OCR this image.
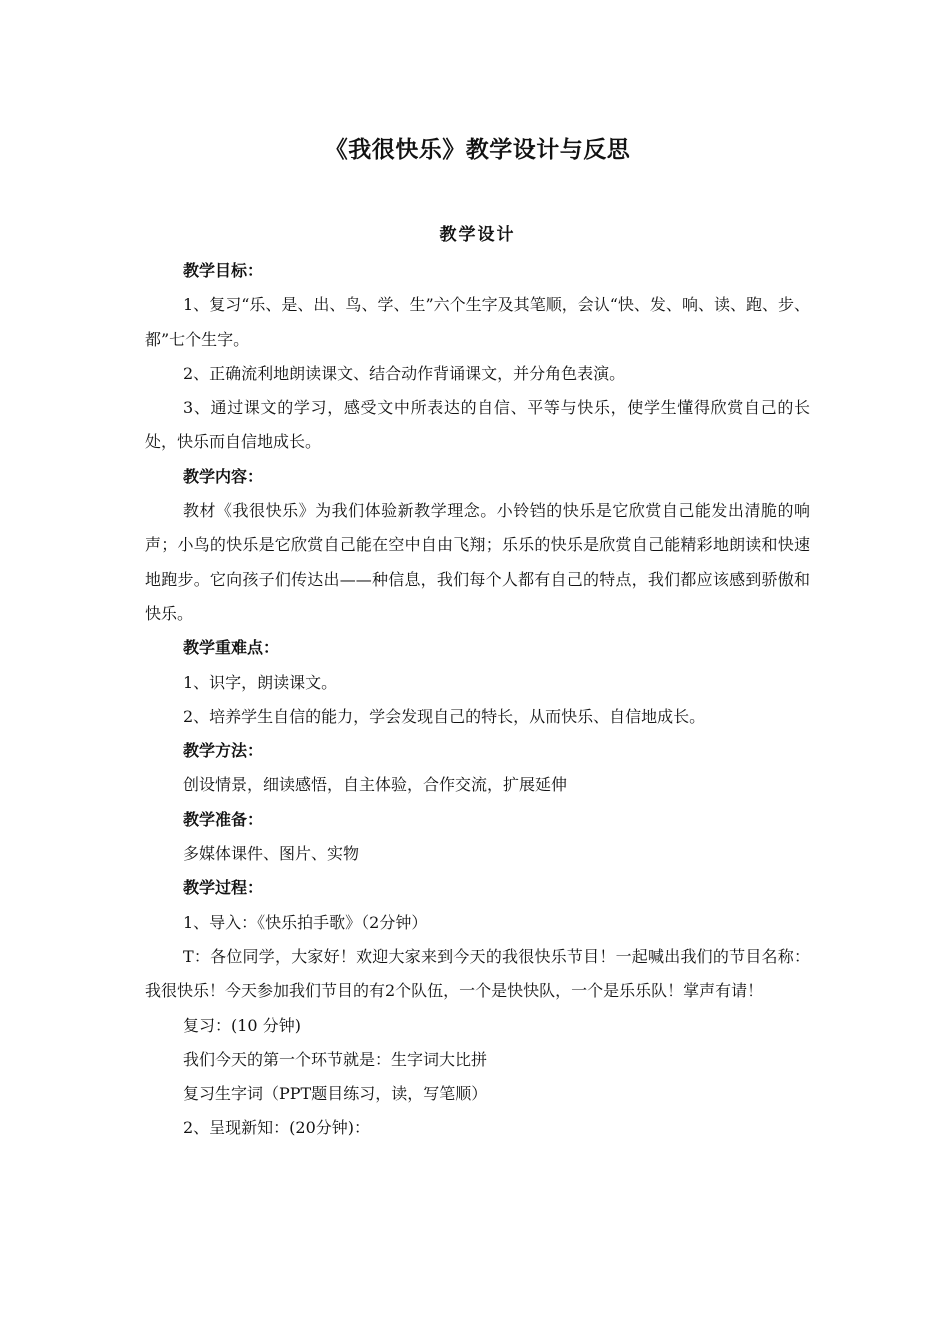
《我很快乐》教学设计与反思
教学设计

教学目标：

1、复习“乐、是、出、鸟、学、生”六个生字及其笔顺，会认“快、发、响、读、跑、步、都”七个生字。

2、正确流利地朗读课文、结合动作背诵课文，并分角色表演。

3、通过课文的学习，感受文中所表达的自信、平等与快乐，使学生懂得欣赏自己的长处，快乐而自信地成长。

教学内容：

教材《我很快乐》为我们体验新教学理念。小铃铛的快乐是它欣赏自己能发出清脆的响声；小鸟的快乐是它欣赏自己能在空中自由飞翔；乐乐的快乐是欣赏自己能精彩地朗读和快速地跑步。它向孩子们传达出——种信息，我们每个人都有自己的特点，我们都应该感到骄傲和快乐。

教学重难点：

1、识字，朗读课文。

2、培养学生自信的能力，学会发现自己的特长，从而快乐、自信地成长。

教学方法：

创设情景，细读感悟，自主体验，合作交流，扩展延伸

教学准备：

多媒体课件、图片、实物

教学过程：

1、导入：《快乐拍手歌》（2分钟）

T：各位同学，大家好！欢迎大家来到今天的我很快乐节目！一起喊出我们的节目名称：我很快乐！今天参加我们节目的有2个队伍，一个是快快队，一个是乐乐队！掌声有请！

复习：(10 分钟)

我们今天的第一个环节就是：生字词大比拼

复习生字词（PPT题目练习，读，写笔顺）

2、呈现新知：(20分钟)：
